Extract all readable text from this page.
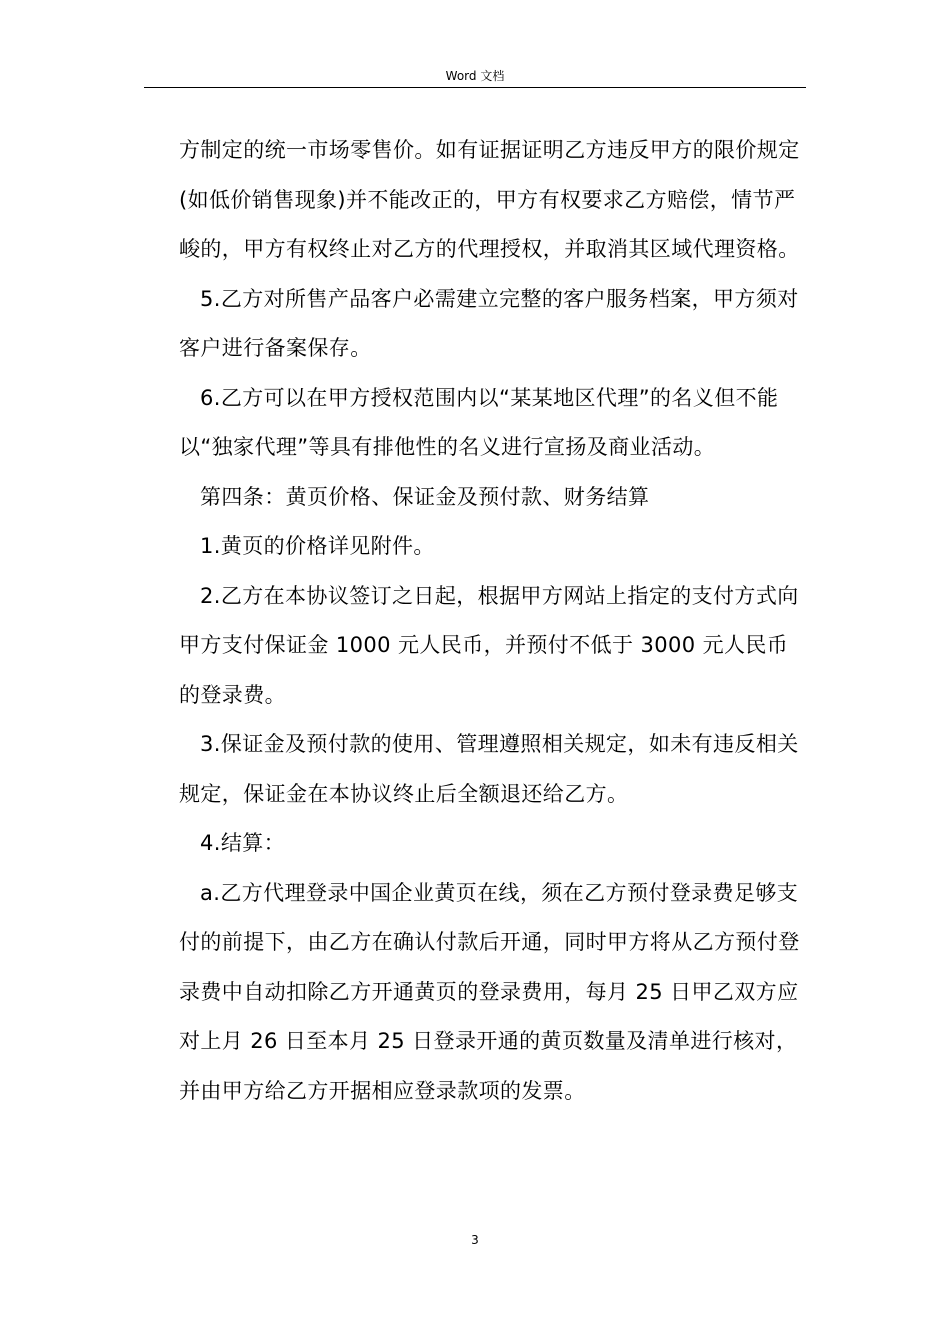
Word 文档

方制定的统一市场零售价。如有证据证明乙方违反甲方的限价规定(如低价销售现象)并不能改正的，甲方有权要求乙方赔偿，情节严峻的，甲方有权终止对乙方的代理授权，并取消其区域代理资格。

5.乙方对所售产品客户必需建立完整的客户服务档案，甲方须对客户进行备案保存。

6.乙方可以在甲方授权范围内以“某某地区代理”的名义但不能以“独家代理”等具有排他性的名义进行宣扬及商业活动。

第四条：黄页价格、保证金及预付款、财务结算

1.黄页的价格详见附件。

2.乙方在本协议签订之日起，根据甲方网站上指定的支付方式向甲方支付保证金 1000 元人民币，并预付不低于 3000 元人民币的登录费。

3.保证金及预付款的使用、管理遵照相关规定，如未有违反相关规定，保证金在本协议终止后全额退还给乙方。

4.结算：

a.乙方代理登录中国企业黄页在线，须在乙方预付登录费足够支付的前提下，由乙方在确认付款后开通，同时甲方将从乙方预付登录费中自动扣除乙方开通黄页的登录费用，每月 25 日甲乙双方应对上月 26 日至本月 25 日登录开通的黄页数量及清单进行核对，并由甲方给乙方开据相应登录款项的发票。

3
